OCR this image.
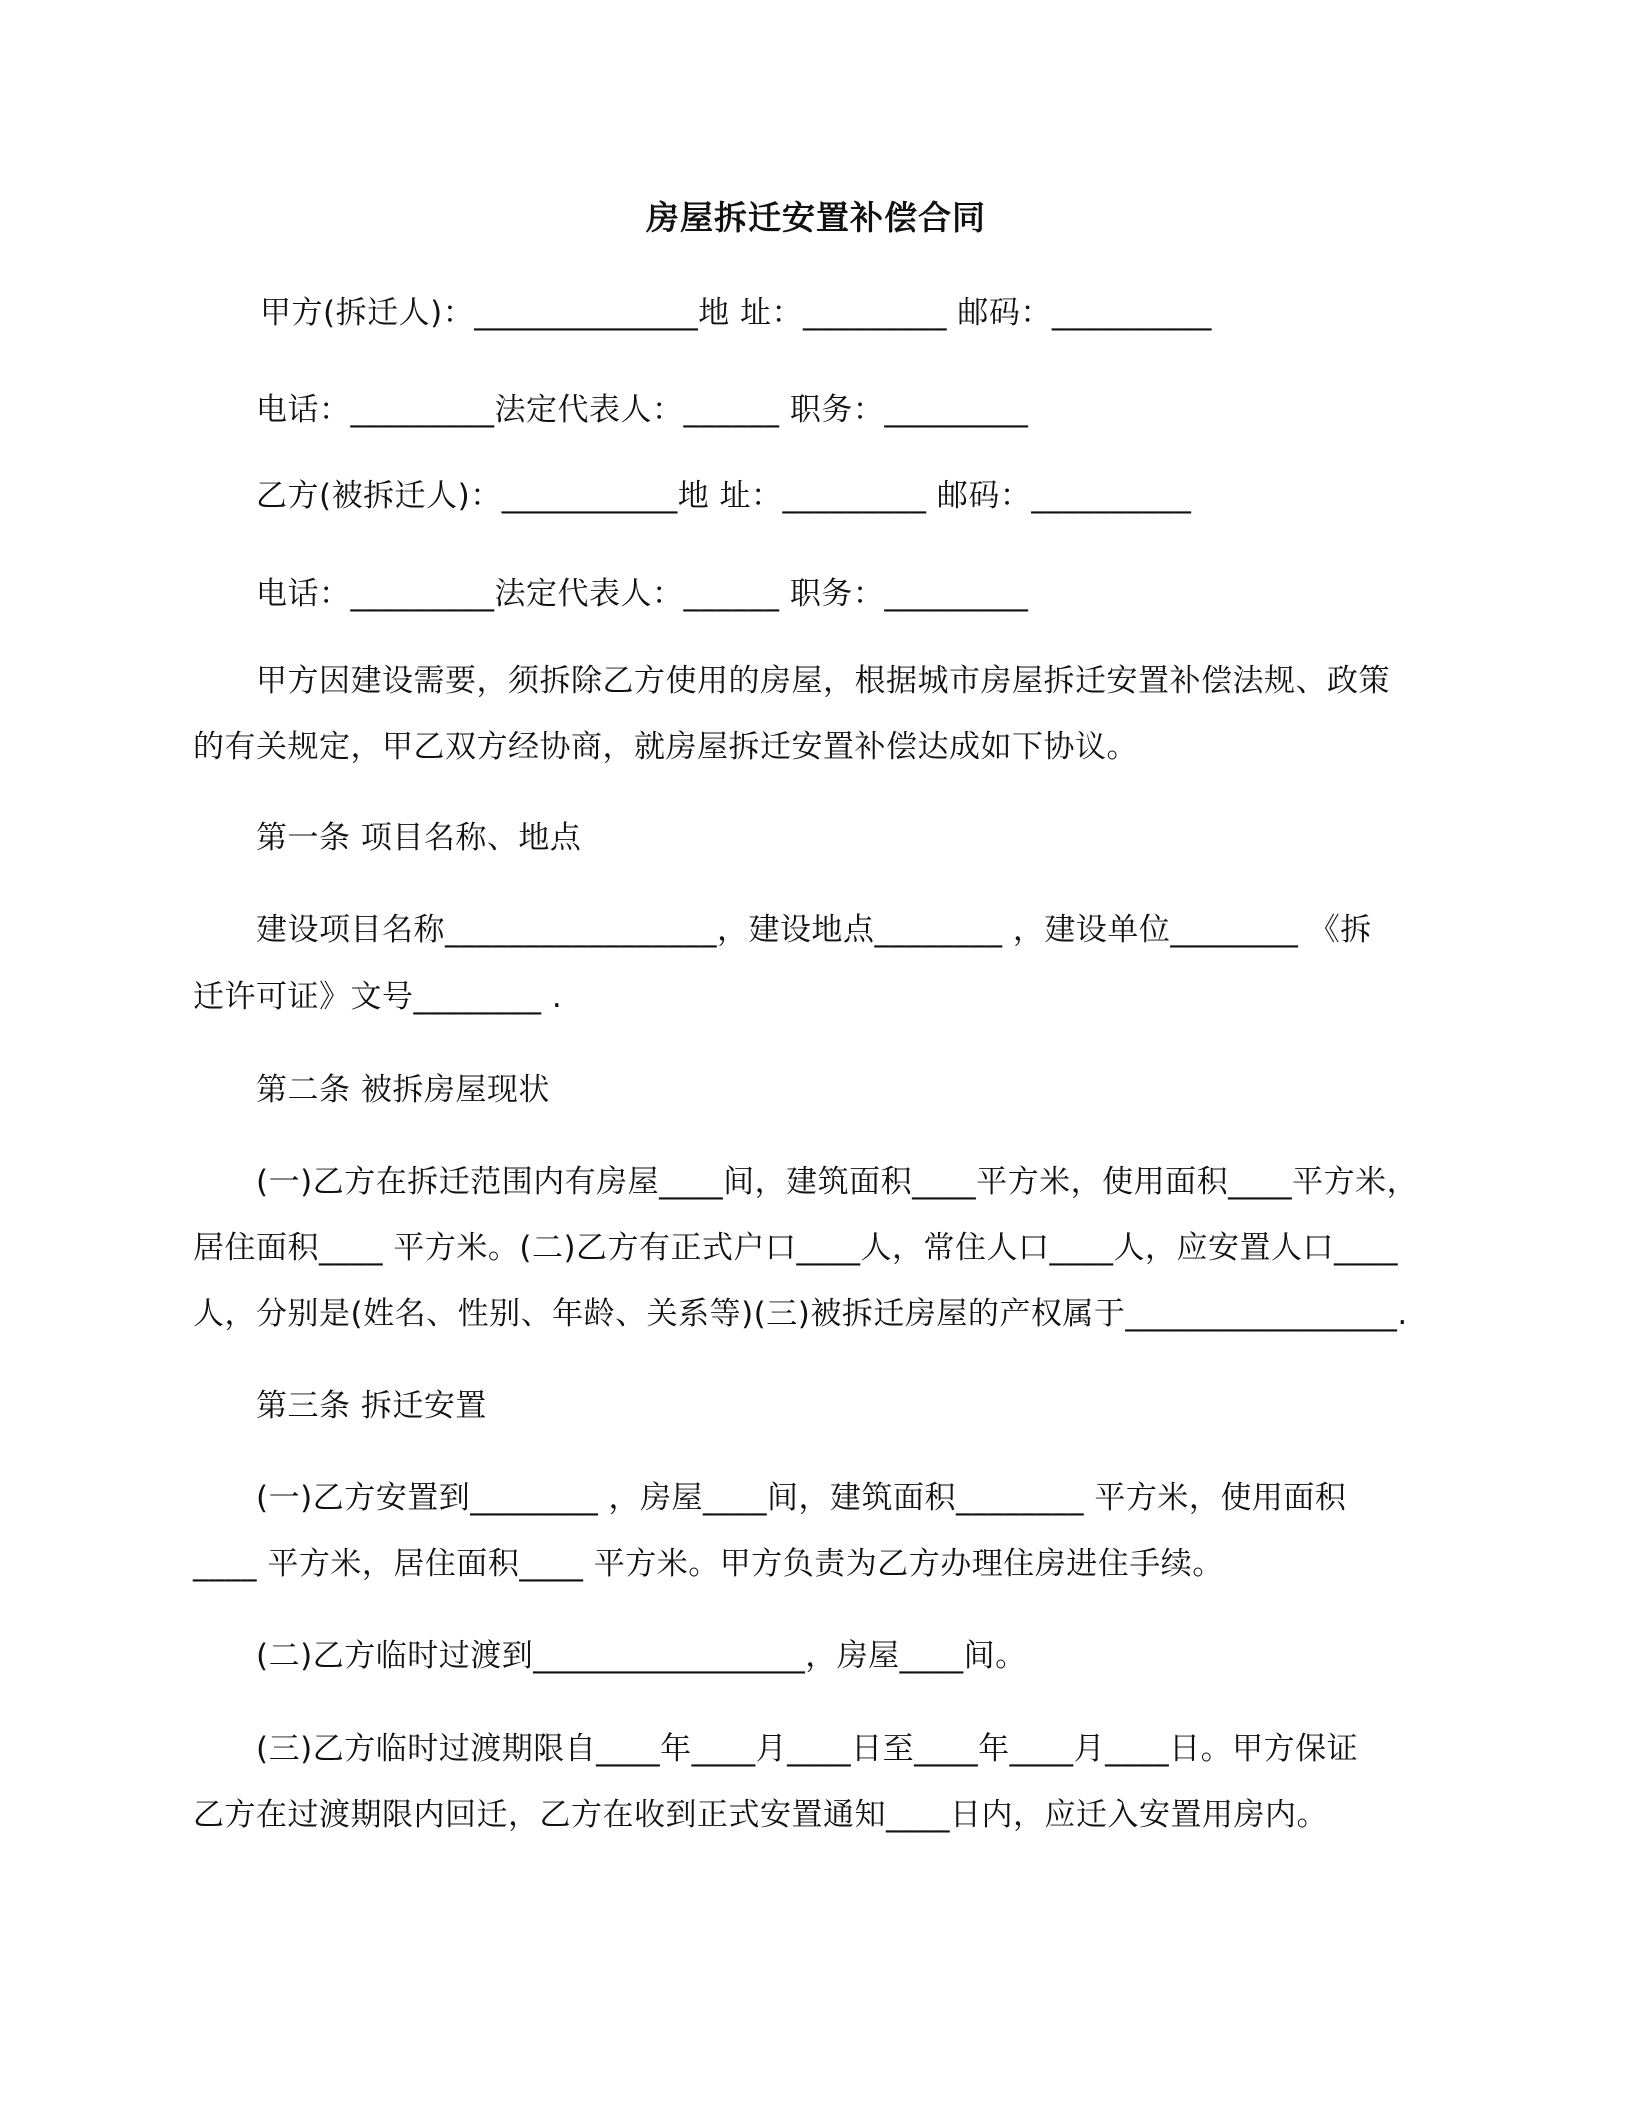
房屋拆迁安置补偿合同
甲方(拆迁人)：______________地 址：_________ 邮码：__________
电话：_________法定代表人：______ 职务：_________
乙方(被拆迁人)：___________地 址：_________ 邮码：__________
电话：_________法定代表人：______ 职务：_________
甲方因建设需要，须拆除乙方使用的房屋，根据城市房屋拆迁安置补偿法规、政策
的有关规定，甲乙双方经协商，就房屋拆迁安置补偿达成如下协议。
第一条 项目名称、地点
建设项目名称_________________，建设地点________ ，建设单位________ 《拆
迁许可证》文号________ .
第二条 被拆房屋现状
(一)乙方在拆迁范围内有房屋____间，建筑面积____平方米，使用面积____平方米，
居住面积____ 平方米。(二)乙方有正式户口____人，常住人口____人，应安置人口____
人，分别是(姓名、性别、年龄、关系等)(三)被拆迁房屋的产权属于_________________.
第三条 拆迁安置
(一)乙方安置到________ ，房屋____间，建筑面积________ 平方米，使用面积
____ 平方米，居住面积____ 平方米。甲方负责为乙方办理住房进住手续。
(二)乙方临时过渡到_________________，房屋____间。
(三)乙方临时过渡期限自____年____月____日至____年____月____日。甲方保证
乙方在过渡期限内回迁，乙方在收到正式安置通知____日内，应迁入安置用房内。
